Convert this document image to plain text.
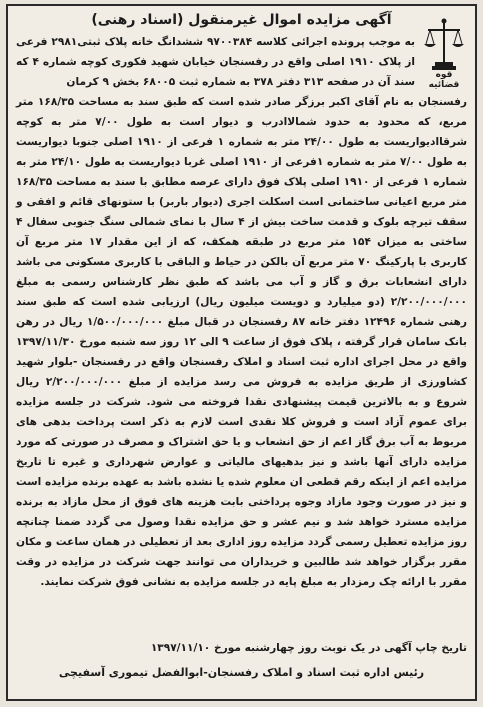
آگهی مزایده اموال غیرمنقول (اسناد رهنی)
قوه قضائیه
به موجب پرونده اجرائی کلاسه ۹۷۰۰۳۸۴ ششدانگ خانه پلاک ثبتی۲۹۸۱ فرعی از پلاک ۱۹۱۰ اصلی واقع در رفسنجان خیابان شهید فکوری کوچه شماره ۴ که سند آن در صفحه ۳۱۳ دفتر ۳۷۸ به شماره ثبت ۶۸۰۰۵ بخش ۹ کرمان
رفسنجان به نام آقای اکبر برزگر صادر شده است که طبق سند به مساحت ۱۶۸/۳۵ متر مربع، که محدود به حدود شمالاادرب و دیوار است به طول ۷/۰۰ متر به کوچه شرقاادیواریست به طول ۲۴/۰۰ متر به شماره ۱ فرعی از ۱۹۱۰ اصلی جنوبا دیواریست به طول ۷/۰۰ متر به شماره ۱فرعی از ۱۹۱۰ اصلی غربا دیواریست به طول ۲۴/۱۰ متر به شماره ۱ فرعی از ۱۹۱۰ اصلی پلاک فوق دارای عرصه مطابق با سند به مساحت ۱۶۸/۳۵ متر مربع اعیانی ساختمانی است اسکلت اجری (دیوار باربر) با ستونهای قائم و افقی و سقف تیرچه بلوک و قدمت ساخت بیش از ۴ سال با نمای شمالی سنگ جنوبی سفال ۴ ساختی به میزان ۱۵۴ متر مربع در طبقه همکف، که از این مقدار ۱۷ متر مربع آن کاربری با پارکینگ ۷۰ متر مربع آن بالکن در حیاط و الباقی با کاربری مسکونی می باشد دارای انشعابات برق و گاز و آب می باشد که طبق نظر کارشناس رسمی به مبلغ ۲/۲۰۰/۰۰۰/۰۰۰ (دو میلیارد و دویست میلیون ریال) ارزیابی شده است که طبق سند رهنی شماره ۱۲۴۹۶ دفتر خانه ۸۷ رفسنجان در قبال مبلغ ۱/۵۰۰/۰۰۰/۰۰۰ ریال در رهن بانک سامان قرار گرفته ، پلاک فوق از ساعت ۹ الی ۱۲ روز سه شنبه مورخ ۱۳۹۷/۱۱/۳۰ واقع در محل اجرای اداره ثبت اسناد و املاک رفسنجان واقع در رفسنجان -بلوار شهید کشاورزی از طریق مزایده به فروش می رسد مزایده از مبلغ ۲/۲۰۰/۰۰۰/۰۰۰ ریال شروع و به بالاترین قیمت پیشنهادی نقدا فروخته می شود. شرکت در جلسه مزایده برای عموم آزاد است و فروش کلا نقدی است لازم به ذکر است پرداخت بدهی های مربوط به آب برق گاز اعم از حق انشعاب و یا حق اشتراک و مصرف در صورتی که مورد مزایده دارای آنها باشد و نیز بدهیهای مالیاتی و عوارض شهرداری و غیره تا تاریخ مزایده اعم از اینکه رقم قطعی ان معلوم شده یا نشده باشد به عهده برنده مزایده است و نیز در صورت وجود مازاد وجوه پرداختی بابت هزینه های فوق از محل مازاد به برنده مزایده مسترد خواهد شد و نیم عشر و حق مزایده نقدا وصول می گردد ضمنا چنانچه روز مزایده تعطیل رسمی گردد مزایده روز اداری بعد از تعطیلی در همان ساعت و مکان مقرر برگزار خواهد شد طالبین و خریداران می توانند جهت شرکت در مزایده در وقت مقرر با ارائه چک رمزدار به مبلغ پایه در جلسه مزایده به نشانی فوق شرکت نمایند.
تاریخ چاپ آگهی در یک نوبت روز چهارشنبه مورخ ۱۳۹۷/۱۱/۱۰
رئیس اداره ثبت اسناد و املاک رفسنجان-ابوالفضل تیموری آسفیچی
